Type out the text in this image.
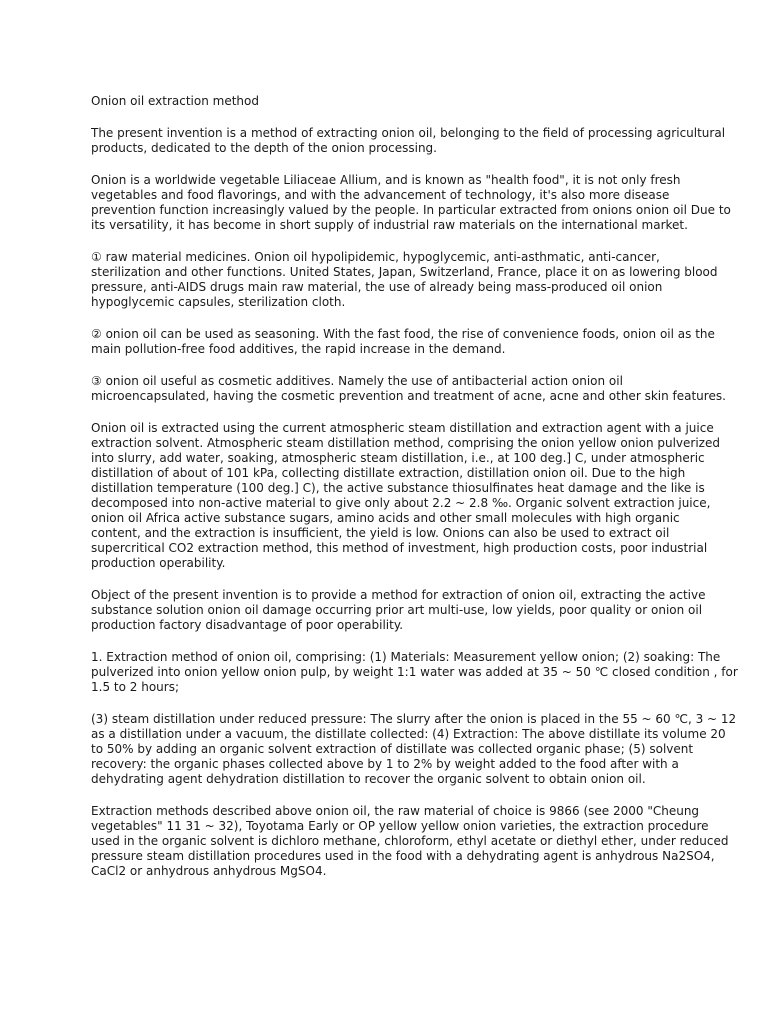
Onion oil extraction method
The present invention is a method of extracting onion oil, belonging to the field of processing agricultural
products, dedicated to the depth of the onion processing.
Onion is a worldwide vegetable Liliaceae Allium, and is known as "health food", it is not only fresh
vegetables and food flavorings, and with the advancement of technology, it's also more disease
prevention function increasingly valued by the people. In particular extracted from onions onion oil Due to
its versatility, it has become in short supply of industrial raw materials on the international market.
① raw material medicines. Onion oil hypolipidemic, hypoglycemic, anti-asthmatic, anti-cancer,
sterilization and other functions. United States, Japan, Switzerland, France, place it on as lowering blood
pressure, anti-AIDS drugs main raw material, the use of already being mass-produced oil onion
hypoglycemic capsules, sterilization cloth.
② onion oil can be used as seasoning. With the fast food, the rise of convenience foods, onion oil as the
main pollution-free food additives, the rapid increase in the demand.
③ onion oil useful as cosmetic additives. Namely the use of antibacterial action onion oil
microencapsulated, having the cosmetic prevention and treatment of acne, acne and other skin features.
Onion oil is extracted using the current atmospheric steam distillation and extraction agent with a juice
extraction solvent. Atmospheric steam distillation method, comprising the onion yellow onion pulverized
into slurry, add water, soaking, atmospheric steam distillation, i.e., at 100 deg.] C, under atmospheric
distillation of about of 101 kPa, collecting distillate extraction, distillation onion oil. Due to the high
distillation temperature (100 deg.] C), the active substance thiosulfinates heat damage and the like is
decomposed into non-active material to give only about 2.2 ~ 2.8 ‰. Organic solvent extraction juice,
onion oil Africa active substance sugars, amino acids and other small molecules with high organic
content, and the extraction is insufficient, the yield is low. Onions can also be used to extract oil
supercritical CO2 extraction method, this method of investment, high production costs, poor industrial
production operability.
Object of the present invention is to provide a method for extraction of onion oil, extracting the active
substance solution onion oil damage occurring prior art multi-use, low yields, poor quality or onion oil
production factory disadvantage of poor operability.
1. Extraction method of onion oil, comprising: (1) Materials: Measurement yellow onion; (2) soaking: The
pulverized into onion yellow onion pulp, by weight 1:1 water was added at 35 ~ 50 ℃ closed condition , for
1.5 to 2 hours;
(3) steam distillation under reduced pressure: The slurry after the onion is placed in the 55 ~ 60 ℃, 3 ~ 12
as a distillation under a vacuum, the distillate collected: (4) Extraction: The above distillate its volume 20
to 50% by adding an organic solvent extraction of distillate was collected organic phase; (5) solvent
recovery: the organic phases collected above by 1 to 2% by weight added to the food after with a
dehydrating agent dehydration distillation to recover the organic solvent to obtain onion oil.
Extraction methods described above onion oil, the raw material of choice is 9866 (see 2000 "Cheung
vegetables" 11 31 ~ 32), Toyotama Early or OP yellow yellow onion varieties, the extraction procedure
used in the organic solvent is dichloro methane, chloroform, ethyl acetate or diethyl ether, under reduced
pressure steam distillation procedures used in the food with a dehydrating agent is anhydrous Na2SO4,
CaCl2 or anhydrous anhydrous MgSO4.
